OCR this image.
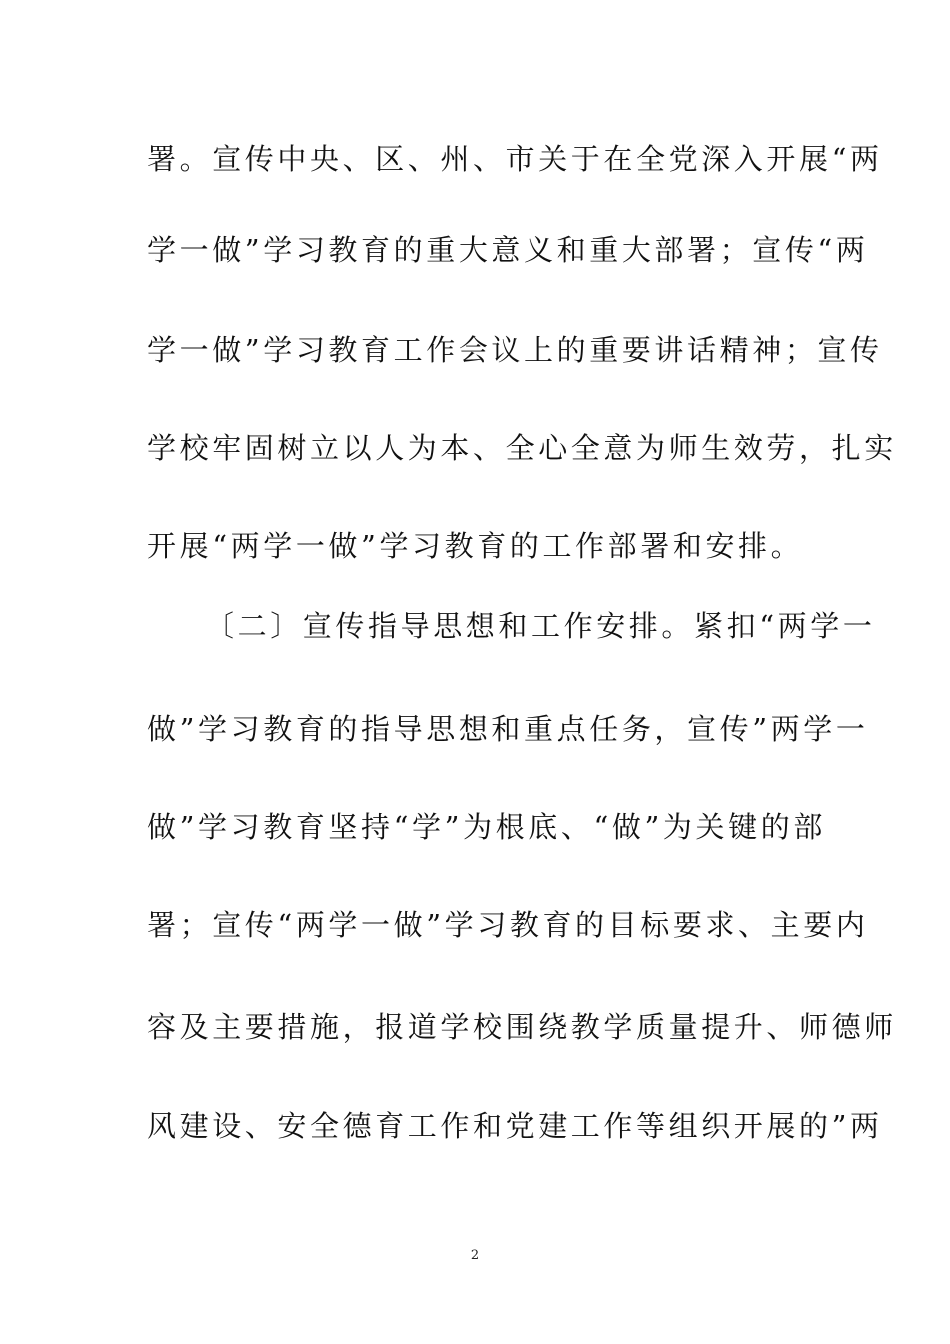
署。宣传中央、区、州、市关于在全党深入开展“两
学一做”学习教育的重大意义和重大部署；宣传“两
学一做”学习教育工作会议上的重要讲话精神；宣传
学校牢固树立以人为本、全心全意为师生效劳，扎实
开展“两学一做”学习教育的工作部署和安排。
〔二〕宣传指导思想和工作安排。紧扣“两学一
做”学习教育的指导思想和重点任务，宣传”两学一
做”学习教育坚持“学”为根底、“做”为关键的部
署；宣传“两学一做”学习教育的目标要求、主要内
容及主要措施，报道学校围绕教学质量提升、师德师
风建设、安全德育工作和党建工作等组织开展的”两
2
